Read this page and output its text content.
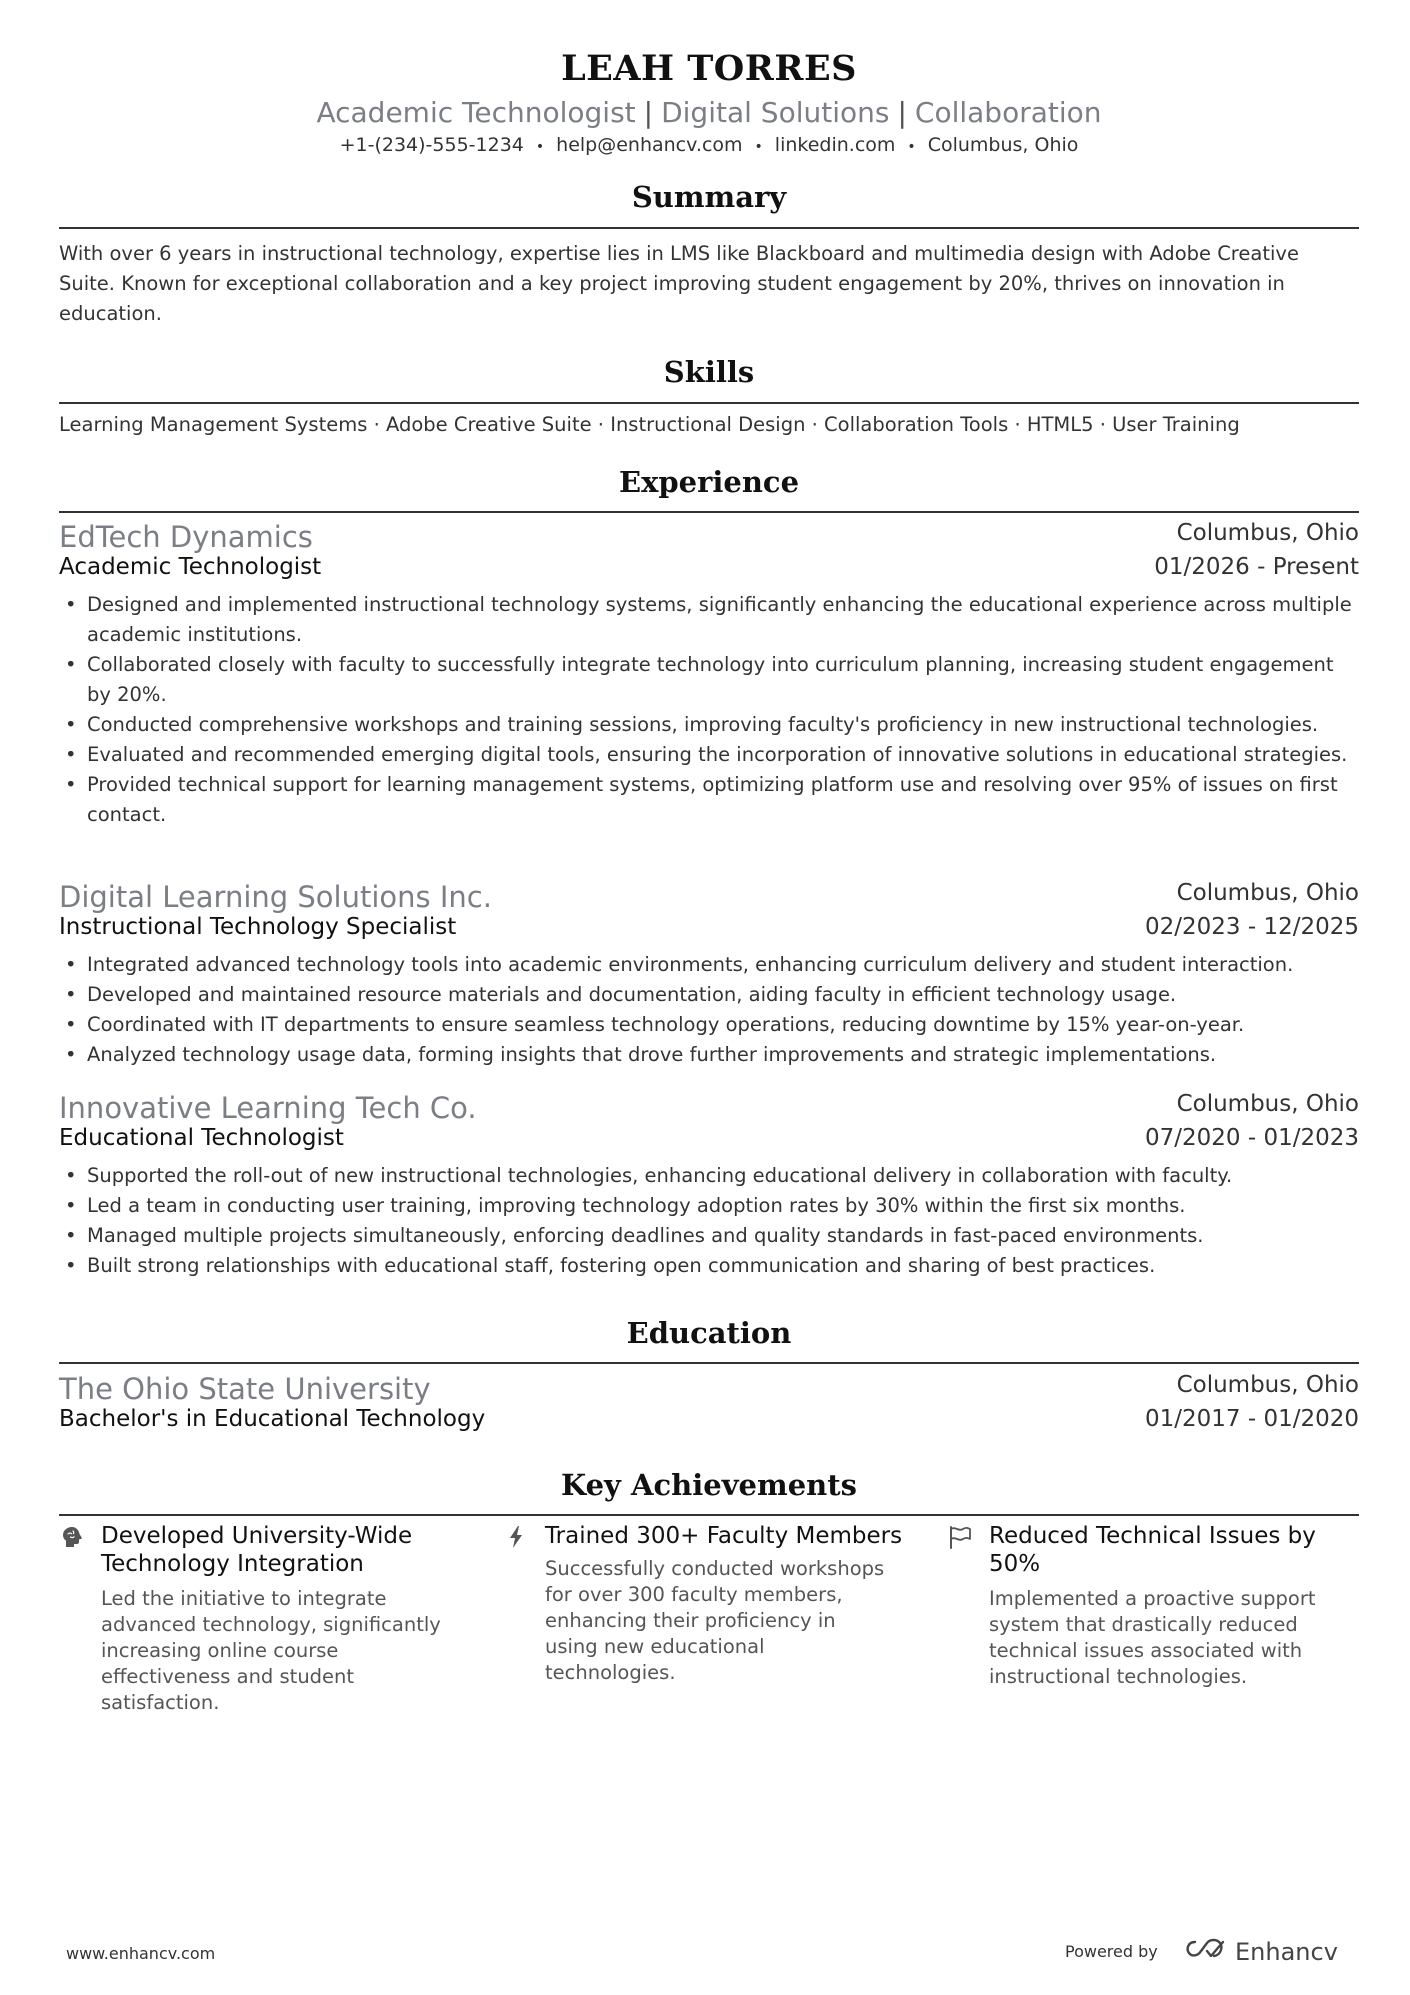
LEAH TORRES
Academic Technologist | Digital Solutions | Collaboration
+1-(234)-555-1234 • help@enhancv.com • linkedin.com • Columbus, Ohio
Summary
With over 6 years in instructional technology, expertise lies in LMS like Blackboard and multimedia design with Adobe Creative Suite. Known for exceptional collaboration and a key project improving student engagement by 20%, thrives on innovation in education.
Skills
Learning Management Systems · Adobe Creative Suite · Instructional Design · Collaboration Tools · HTML5 · User Training
Experience
EdTech Dynamics	Columbus, Ohio
Academic Technologist	01/2026 - Present
• Designed and implemented instructional technology systems, significantly enhancing the educational experience across multiple academic institutions.
• Collaborated closely with faculty to successfully integrate technology into curriculum planning, increasing student engagement by 20%.
• Conducted comprehensive workshops and training sessions, improving faculty's proficiency in new instructional technologies.
• Evaluated and recommended emerging digital tools, ensuring the incorporation of innovative solutions in educational strategies.
• Provided technical support for learning management systems, optimizing platform use and resolving over 95% of issues on first contact.
Digital Learning Solutions Inc.	Columbus, Ohio
Instructional Technology Specialist	02/2023 - 12/2025
• Integrated advanced technology tools into academic environments, enhancing curriculum delivery and student interaction.
• Developed and maintained resource materials and documentation, aiding faculty in efficient technology usage.
• Coordinated with IT departments to ensure seamless technology operations, reducing downtime by 15% year-on-year.
• Analyzed technology usage data, forming insights that drove further improvements and strategic implementations.
Innovative Learning Tech Co.	Columbus, Ohio
Educational Technologist	07/2020 - 01/2023
• Supported the roll-out of new instructional technologies, enhancing educational delivery in collaboration with faculty.
• Led a team in conducting user training, improving technology adoption rates by 30% within the first six months.
• Managed multiple projects simultaneously, enforcing deadlines and quality standards in fast-paced environments.
• Built strong relationships with educational staff, fostering open communication and sharing of best practices.
Education
The Ohio State University	Columbus, Ohio
Bachelor's in Educational Technology	01/2017 - 01/2020
Key Achievements
Developed University-Wide Technology Integration
Led the initiative to integrate advanced technology, significantly increasing online course effectiveness and student satisfaction.
Trained 300+ Faculty Members
Successfully conducted workshops for over 300 faculty members, enhancing their proficiency in using new educational technologies.
Reduced Technical Issues by 50%
Implemented a proactive support system that drastically reduced technical issues associated with instructional technologies.
www.enhancv.com	Powered by	Enhancv
